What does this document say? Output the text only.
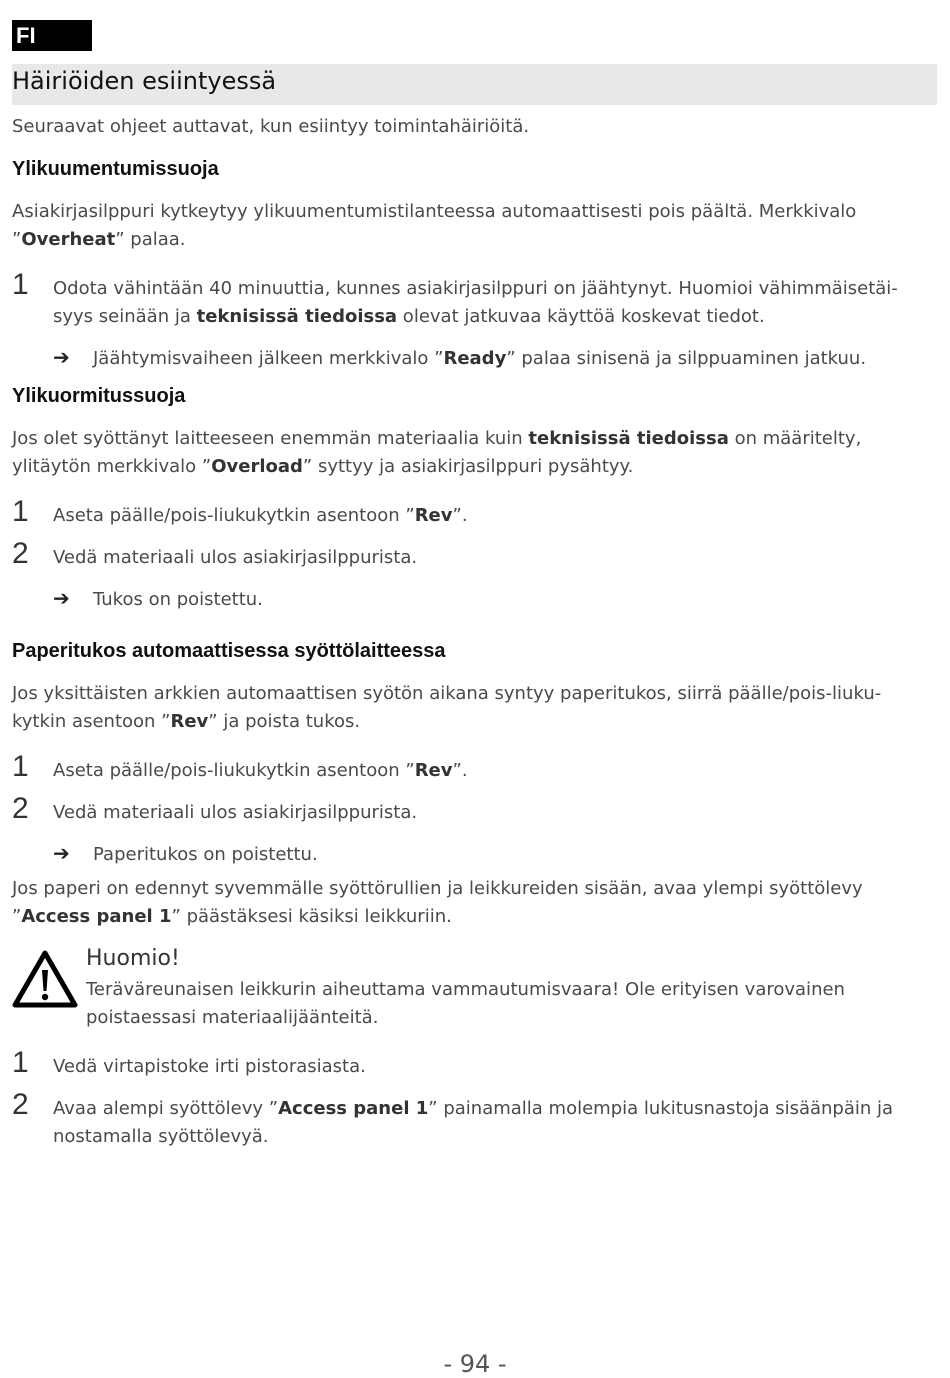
FI
Häiriöiden esiintyessä
Seuraavat ohjeet auttavat, kun esiintyy toimintahäiriöitä.
Ylikuumentumissuoja
Asiakirjasilppuri kytkeytyy ylikuumentumistilanteessa automaattisesti pois päältä. Merkkivalo
”Overheat” palaa.
1 Odota vähintään 40 minuuttia, kunnes asiakirjasilppuri on jäähtynyt. Huomioi vähimmäisetäi-
syys seinään ja teknisissä tiedoissa olevat jatkuvaa käyttöä koskevat tiedot.
➔ Jäähtymisvaiheen jälkeen merkkivalo ”Ready” palaa sinisenä ja silppuaminen jatkuu.
Ylikuormitussuoja
Jos olet syöttänyt laitteeseen enemmän materiaalia kuin teknisissä tiedoissa on määritelty,
ylitäytön merkkivalo ”Overload” syttyy ja asiakirjasilppuri pysähtyy.
1 Aseta päälle/pois-liukukytkin asentoon ”Rev”.
2 Vedä materiaali ulos asiakirjasilppurista.
➔ Tukos on poistettu.
Paperitukos automaattisessa syöttölaitteessa
Jos yksittäisten arkkien automaattisen syötön aikana syntyy paperitukos, siirrä päälle/pois-liuku-
kytkin asentoon ”Rev” ja poista tukos.
1 Aseta päälle/pois-liukukytkin asentoon ”Rev”.
2 Vedä materiaali ulos asiakirjasilppurista.
➔ Paperitukos on poistettu.
Jos paperi on edennyt syvemmälle syöttörullien ja leikkureiden sisään, avaa ylempi syöttölevy
”Access panel 1” päästäksesi käsiksi leikkuriin.
Huomio!
Teräväreunaisen leikkurin aiheuttama vammautumisvaara! Ole erityisen varovainen
poistaessasi materiaalijäänteitä.
1 Vedä virtapistoke irti pistorasiasta.
2 Avaa alempi syöttölevy ”Access panel 1” painamalla molempia lukitusnastoja sisäänpäin ja
nostamalla syöttölevyä.
- 94 -
